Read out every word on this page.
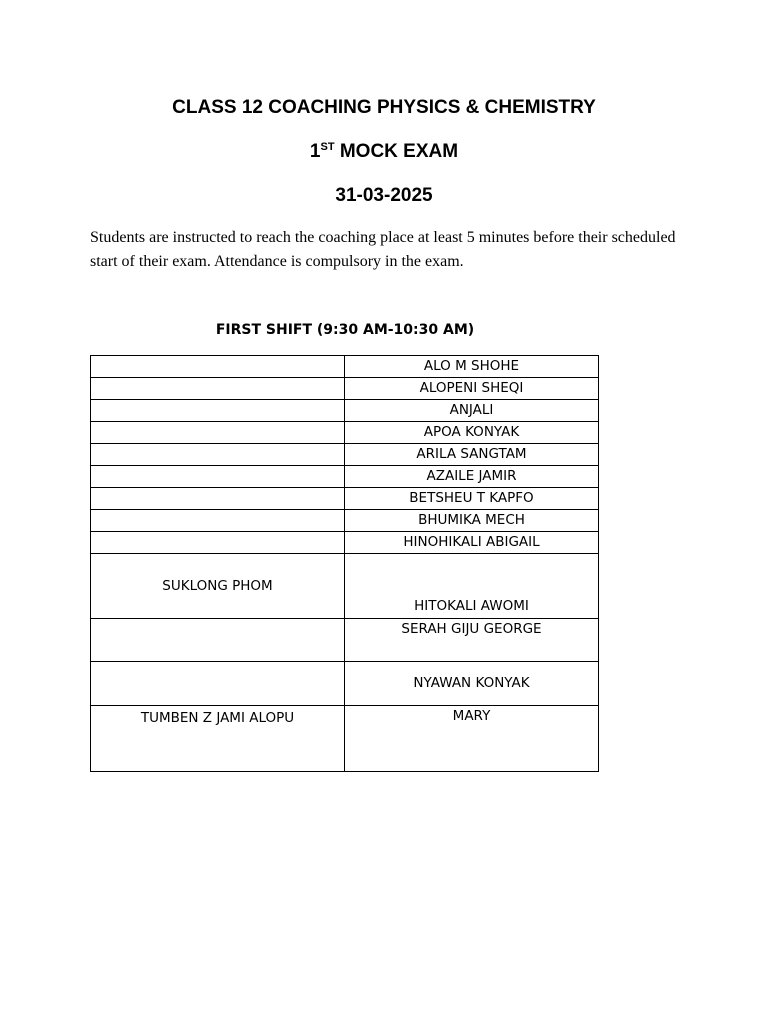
CLASS 12 COACHING PHYSICS & CHEMISTRY
1ST MOCK EXAM
31-03-2025

Students are instructed to reach the coaching place at least 5 minutes before their scheduled start of their exam. Attendance is compulsory in the exam.

FIRST SHIFT (9:30 AM-10:30 AM)
	ALO M SHOHE
	ALOPENI SHEQI
	ANJALI
	APOA KONYAK
	ARILA SANGTAM
	AZAILE JAMIR
	BETSHEU T KAPFO
	BHUMIKA MECH
	HINOHIKALI ABIGAIL
SUKLONG PHOM	HITOKALI AWOMI
	SERAH GIJU GEORGE
	NYAWAN KONYAK
TUMBEN Z JAMI ALOPU	MARY
